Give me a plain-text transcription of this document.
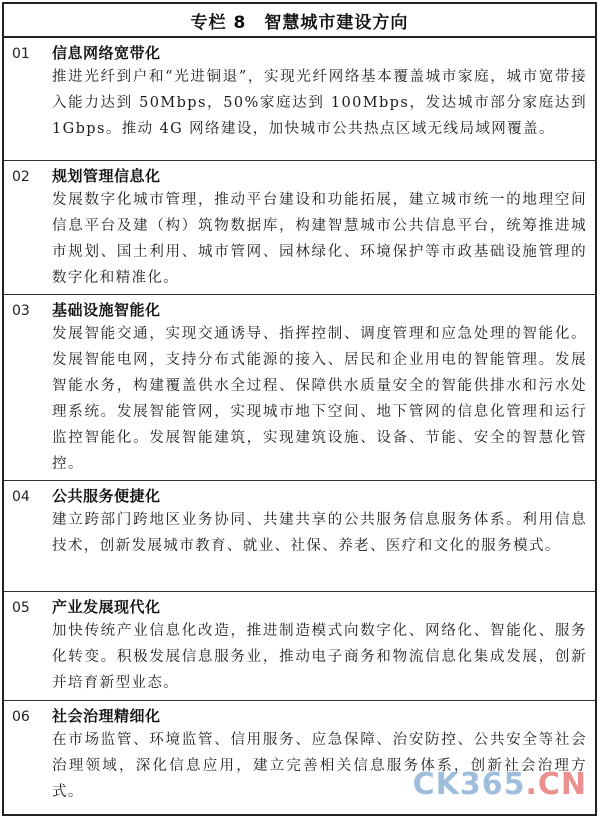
专栏 8 智慧城市建设方向
01	信息网络宽带化
推进光纤到户和“光进铜退”，实现光纤网络基本覆盖城市家庭，城市宽带接入能力达到 50Mbps，50%家庭达到 100Mbps，发达城市部分家庭达到 1Gbps。推动 4G 网络建设，加快城市公共热点区域无线局域网覆盖。
02	规划管理信息化
发展数字化城市管理，推动平台建设和功能拓展，建立城市统一的地理空间信息平台及建（构）筑物数据库，构建智慧城市公共信息平台，统筹推进城市规划、国土利用、城市管网、园林绿化、环境保护等市政基础设施管理的数字化和精准化。
03	基础设施智能化
发展智能交通，实现交通诱导、指挥控制、调度管理和应急处理的智能化。发展智能电网，支持分布式能源的接入、居民和企业用电的智能管理。发展智能水务，构建覆盖供水全过程、保障供水质量安全的智能供排水和污水处理系统。发展智能管网，实现城市地下空间、地下管网的信息化管理和运行监控智能化。发展智能建筑，实现建筑设施、设备、节能、安全的智慧化管控。
04	公共服务便捷化
建立跨部门跨地区业务协同、共建共享的公共服务信息服务体系。利用信息技术，创新发展城市教育、就业、社保、养老、医疗和文化的服务模式。
05	产业发展现代化
加快传统产业信息化改造，推进制造模式向数字化、网络化、智能化、服务化转变。积极发展信息服务业，推动电子商务和物流信息化集成发展，创新并培育新型业态。
06	社会治理精细化
在市场监管、环境监管、信用服务、应急保障、治安防控、公共安全等社会治理领域，深化信息应用，建立完善相关信息服务体系，创新社会治理方式。	CK365.CN
